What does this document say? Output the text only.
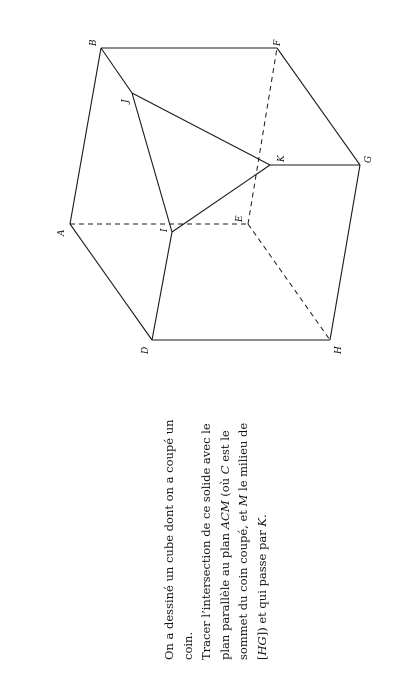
A
B
D
E
F
G
H
I
J
K

On a dessiné un cube dont on a coupé un coin. Tracer l’intersection de ce solide avec le plan parallèle au plan ACM (où C est le sommet du coin coupé, et M le milieu de [HG]) et qui passe par K.
